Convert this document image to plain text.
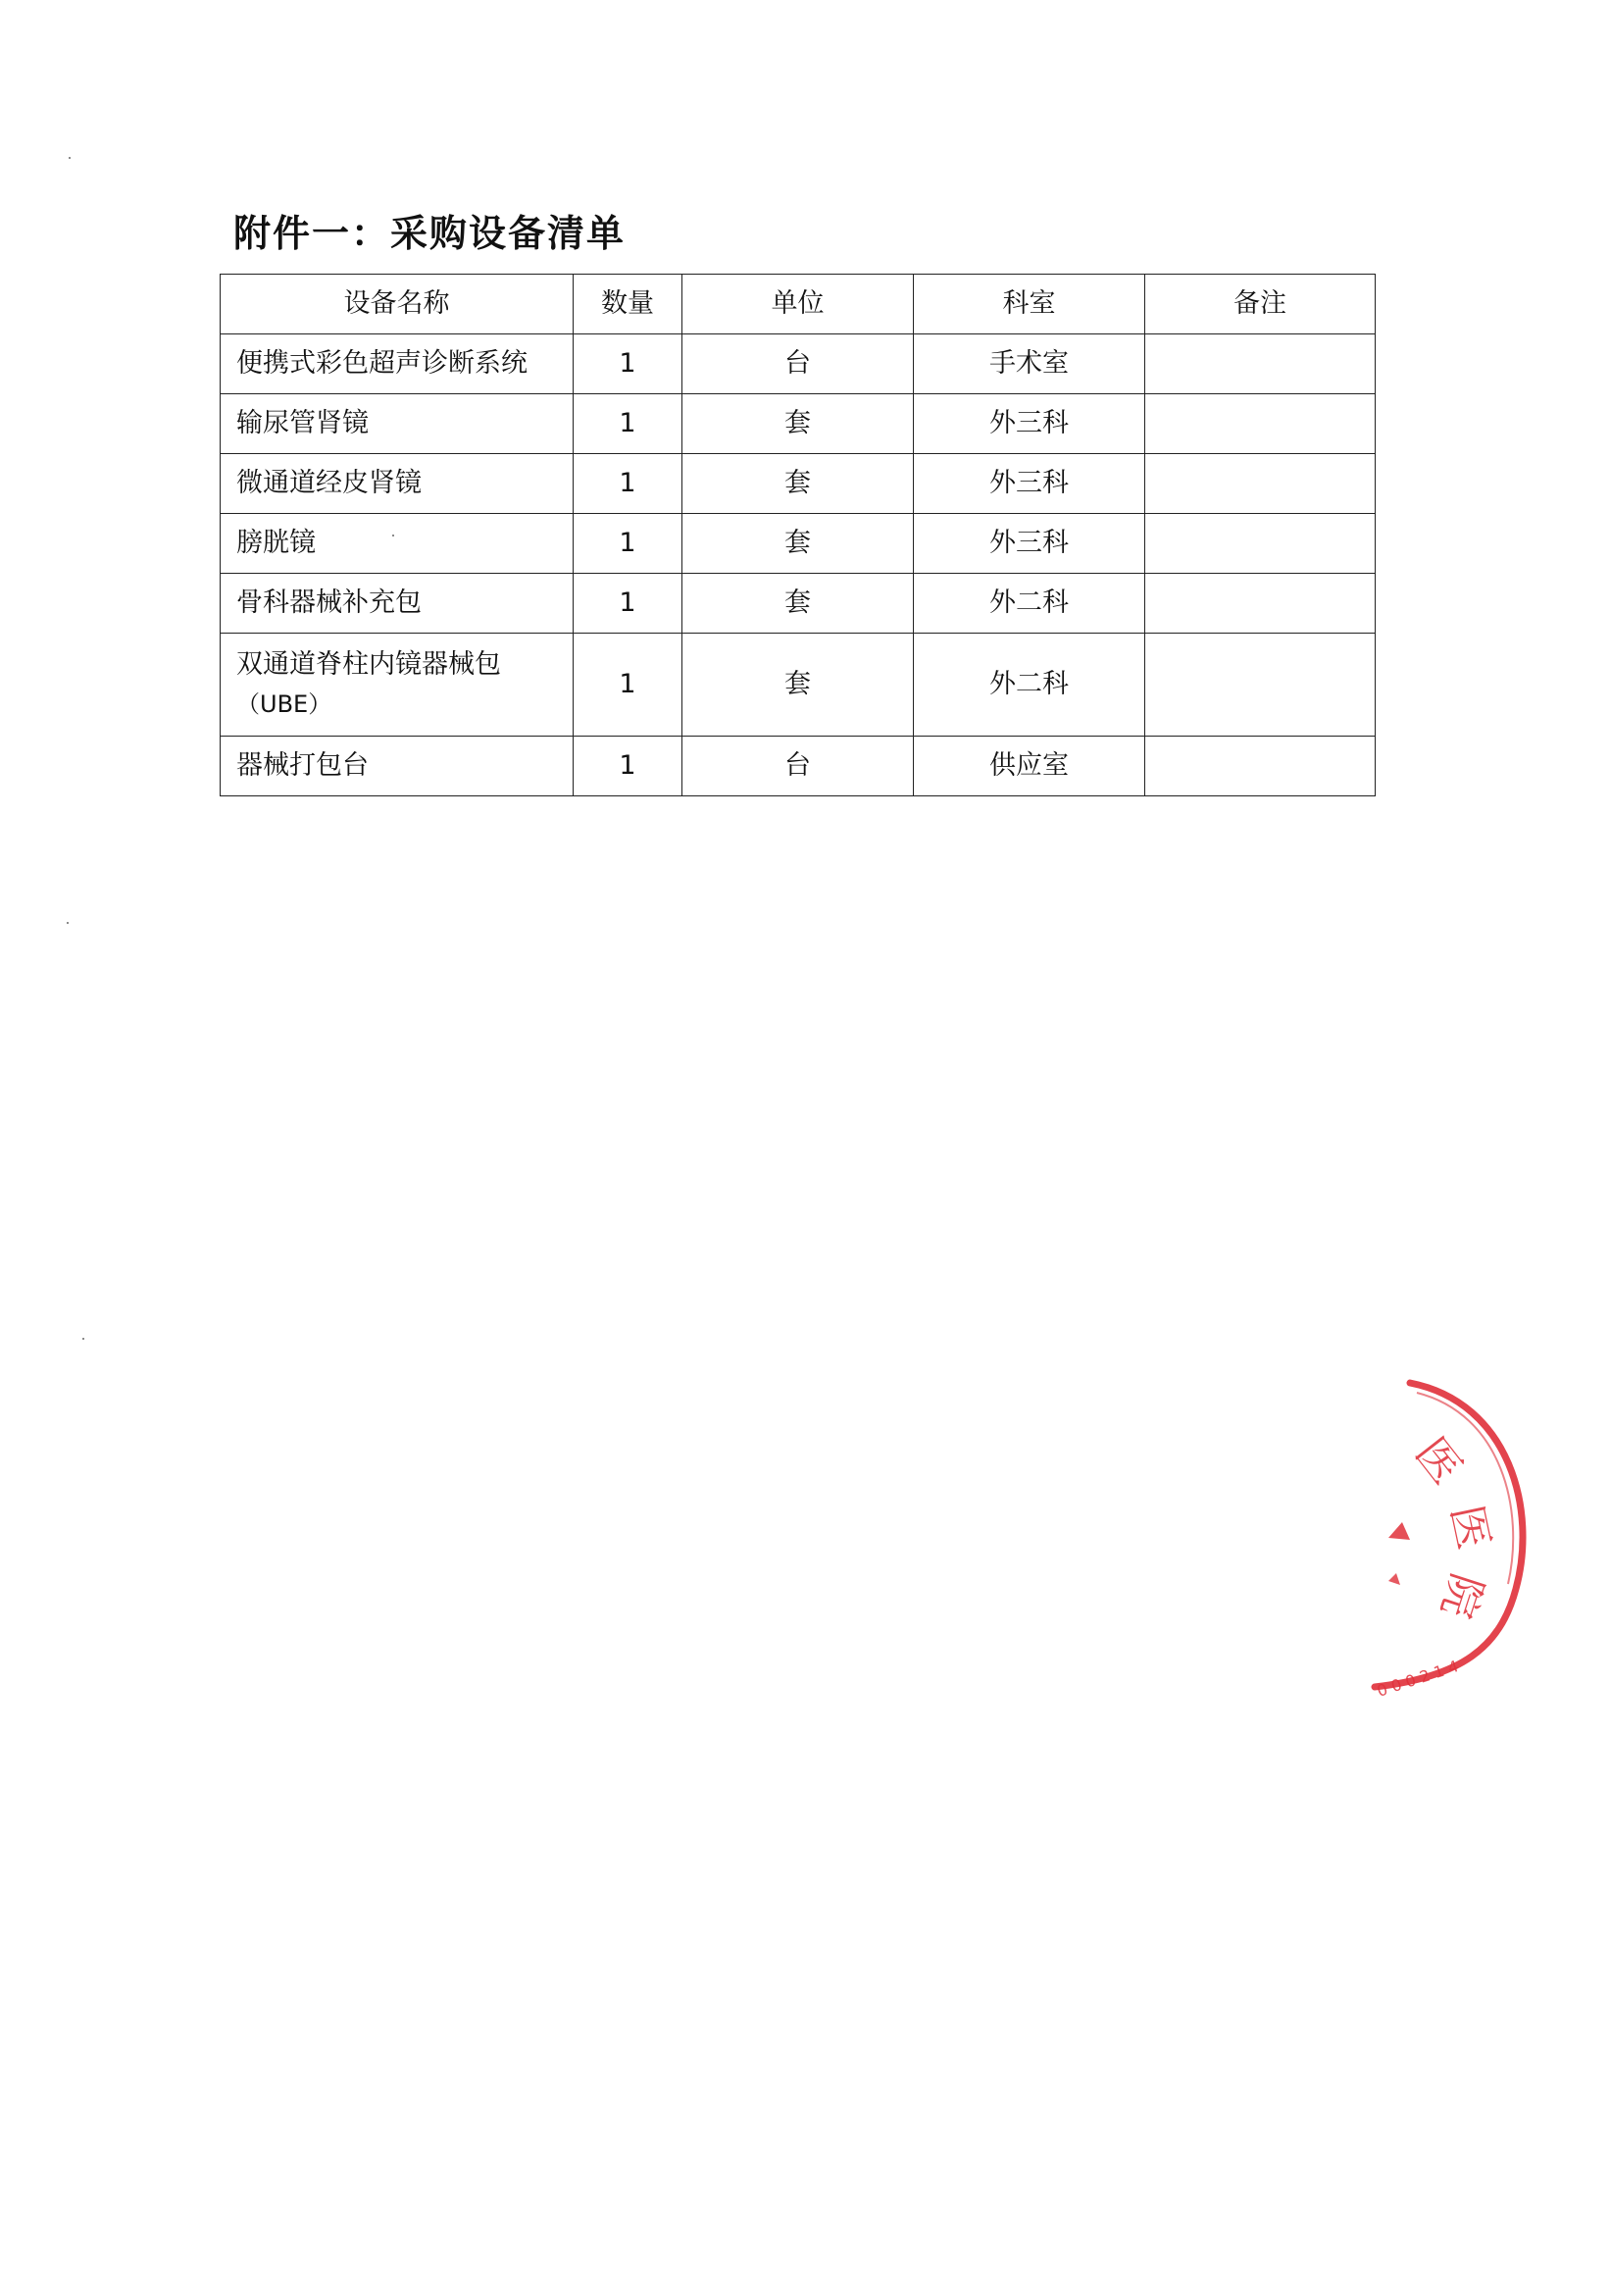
附件一：采购设备清单
设备名称	数量	单位	科室	备注
便携式彩色超声诊断系统	1	台	手术室	
输尿管肾镜	1	套	外三科	
微通道经皮肾镜	1	套	外三科	
膀胱镜	1	套	外三科	
骨科器械补充包	1	套	外二科	

双通道脊柱内镜器械包
（UBE）	1	套	外二科	
器械打包台	1	台	供应室	
医
医
院
000214
